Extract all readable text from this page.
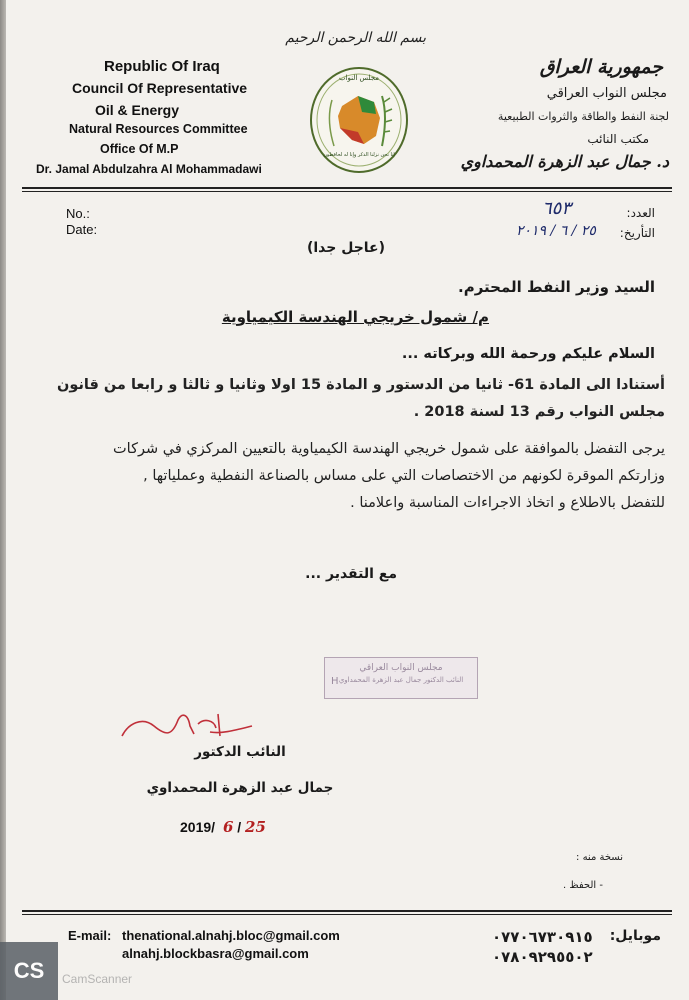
Republic Of Iraq
Council Of Representative
Oil & Energy
Natural Resources Committee
Office Of M.P
Dr. Jamal Abdulzahra Al Mohammadawi
بسم الله الرحمن الرحيم
مجلس النواب
إنا نحن نزلنا الذكر وإنا له لحافظون
جمهورية العراق
مجلس النواب العراقي
لجنة النفط والطاقة والثروات الطبيعية
مكتب النائب
د. جمال عبد الزهرة المحمداوي
No.:
Date:
العدد:
٦٥٣
التأريخ:
٢٥ / ٦ / ٢٠١٩
(عاجل جدا)
السيد وزير النفط المحترم.
م/ شمول خريجي الهندسة الكيمياوية
السلام عليكم ورحمة الله وبركاته ...
أستنادا الى المادة 61- ثانيا من الدستور و المادة 15 اولا وثانيا و ثالثا و رابعا من قانون
مجلس النواب رقم 13 لسنة 2018 .
يرجى التفضل بالموافقة على شمول خريجي الهندسة الكيمياوية بالتعيين المركزي في شركات
وزارتكم الموقرة لكونهم من الاختصاصات التي على مساس بالصناعة النفطية وعملياتها ,
للتفضل بالاطلاع و اتخاذ الاجراءات المناسبة واعلامنا .
مع التقدير ...
مجلس النواب العراقي
النائب الدكتور جمال عبد الزهرة المحمداوي
H
النائب الدكتور
جمال عبد الزهرة المحمداوي
2019/ 6 / 25
نسخة منه :
- الحفظ .
E-mail: thenational.alnahj.bloc@gmail.com
alnahj.blockbasra@gmail.com
موبايل:
٠٧٧٠٦٧٣٠٩١٥
٠٧٨٠٩٢٩٥٥٠٢
CS	CamScanner
